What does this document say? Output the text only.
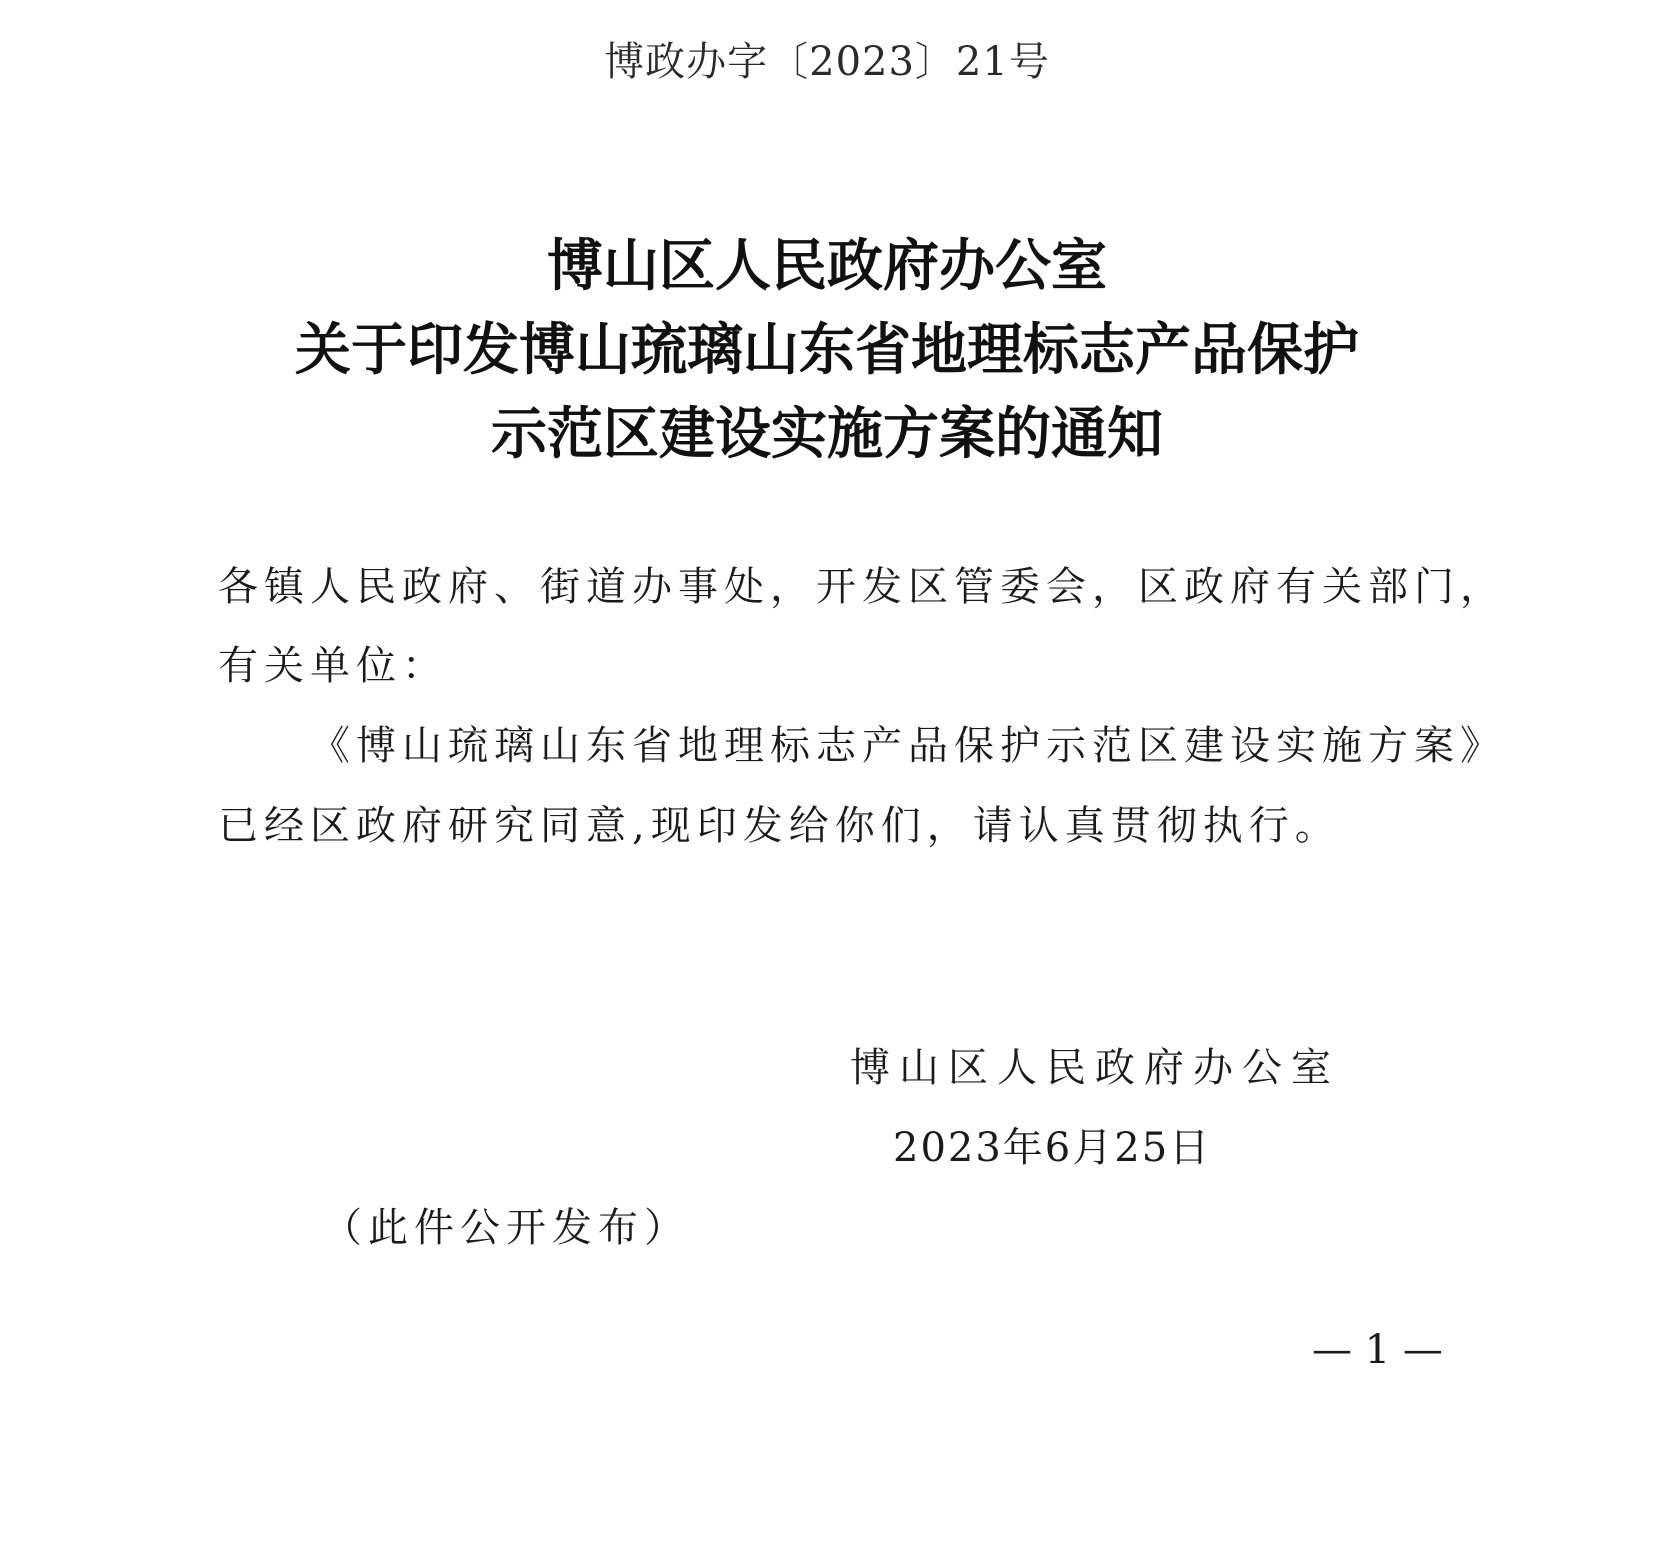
博政办字〔2023〕21号
博山区人民政府办公室
关于印发博山琉璃山东省地理标志产品保护
示范区建设实施方案的通知
各镇人民政府、街道办事处，开发区管委会，区政府有关部门，
有关单位：
《博山琉璃山东省地理标志产品保护示范区建设实施方案》
已经区政府研究同意,现印发给你们，请认真贯彻执行。
博山区人民政府办公室
2023年6月25日
（此件公开发布）
— 1 —
